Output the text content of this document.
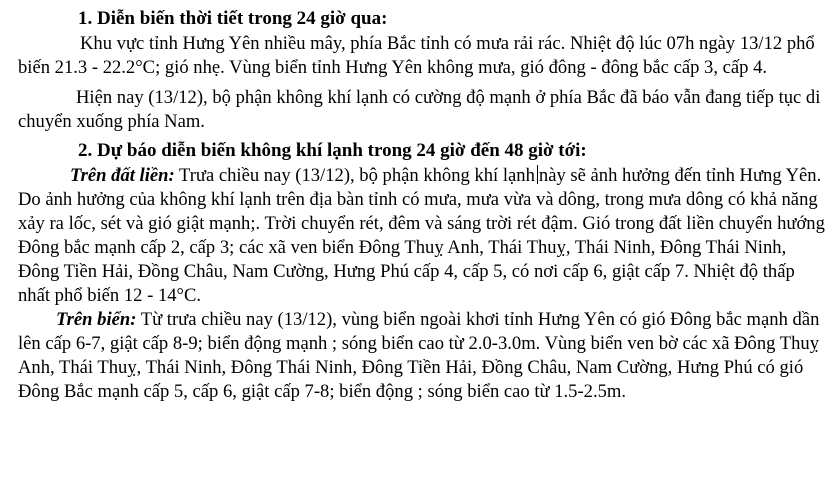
1. Diễn biến thời tiết trong 24 giờ qua:

Khu vực tỉnh Hưng Yên nhiều mây, phía Bắc tỉnh có mưa rải rác. Nhiệt độ lúc 07h ngày 13/12 phổ biến 21.3 - 22.2°C; gió nhẹ. Vùng biển tỉnh Hưng Yên không mưa, gió đông - đông bắc cấp 3, cấp 4.

Hiện nay (13/12), bộ phận không khí lạnh có cường độ mạnh ở phía Bắc đã báo vẫn đang tiếp tục di chuyển xuống phía Nam.

2. Dự báo diễn biến không khí lạnh trong 24 giờ đến 48 giờ tới:

Trên đất liền: Trưa chiều nay (13/12), bộ phận không khí lạnh này sẽ ảnh hưởng đến tỉnh Hưng Yên. Do ảnh hưởng của không khí lạnh trên địa bàn tỉnh có mưa, mưa vừa và dông, trong mưa dông có khả năng xảy ra lốc, sét và gió giật mạnh;. Trời chuyển rét, đêm và sáng trời rét đậm. Gió trong đất liền chuyển hướng Đông bắc mạnh cấp 2, cấp 3; các xã ven biển Đông Thuỵ Anh, Thái Thuỵ, Thái Ninh, Đông Thái Ninh, Đông Tiền Hải, Đồng Châu, Nam Cường, Hưng Phú cấp 4, cấp 5, có nơi cấp 6, giật cấp 7. Nhiệt độ thấp nhất phổ biến 12 - 14°C.

Trên biển: Từ trưa chiều nay (13/12), vùng biển ngoài khơi tỉnh Hưng Yên có gió Đông bắc mạnh dần lên cấp 6-7, giật cấp 8-9; biển động mạnh ; sóng biển cao từ 2.0-3.0m. Vùng biển ven bờ các xã Đông Thuỵ Anh, Thái Thuỵ, Thái Ninh, Đông Thái Ninh, Đông Tiền Hải, Đồng Châu, Nam Cường, Hưng Phú có gió Đông Bắc mạnh cấp 5, cấp 6, giật cấp 7-8; biển động ; sóng biển cao từ 1.5-2.5m.
